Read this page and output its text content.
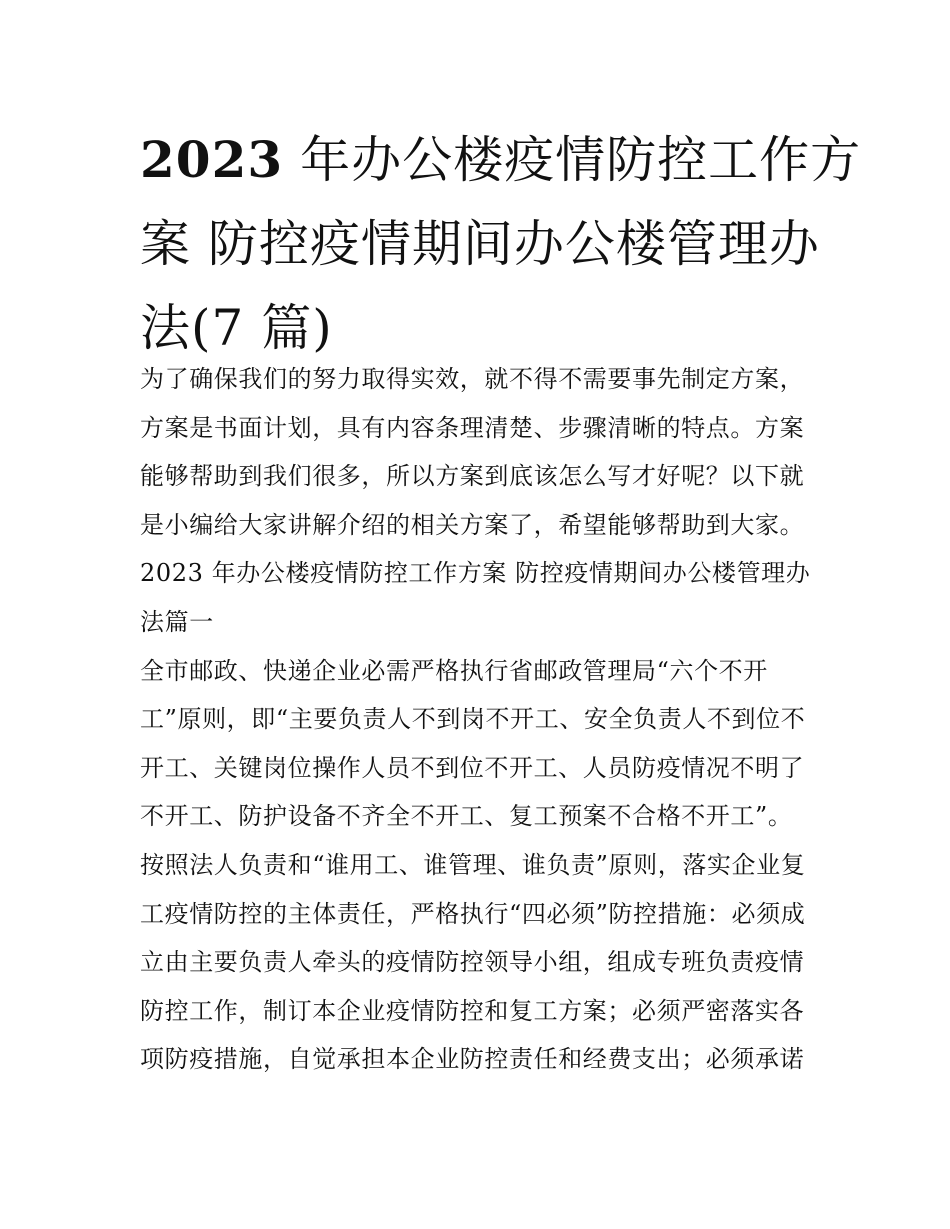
2023 年办公楼疫情防控工作方
案 防控疫情期间办公楼管理办
法(7 篇)
为了确保我们的努力取得实效，就不得不需要事先制定方案，
方案是书面计划，具有内容条理清楚、步骤清晰的特点。方案
能够帮助到我们很多，所以方案到底该怎么写才好呢？以下就
是小编给大家讲解介绍的相关方案了，希望能够帮助到大家。
2023 年办公楼疫情防控工作方案 防控疫情期间办公楼管理办
法篇一
全市邮政、快递企业必需严格执行省邮政管理局“六个不开
工”原则，即“主要负责人不到岗不开工、安全负责人不到位不
开工、关键岗位操作人员不到位不开工、人员防疫情况不明了
不开工、防护设备不齐全不开工、复工预案不合格不开工”。
按照法人负责和“谁用工、谁管理、谁负责”原则，落实企业复
工疫情防控的主体责任，严格执行“四必须”防控措施：必须成
立由主要负责人牵头的疫情防控领导小组，组成专班负责疫情
防控工作，制订本企业疫情防控和复工方案；必须严密落实各
项防疫措施，自觉承担本企业防控责任和经费支出；必须承诺
